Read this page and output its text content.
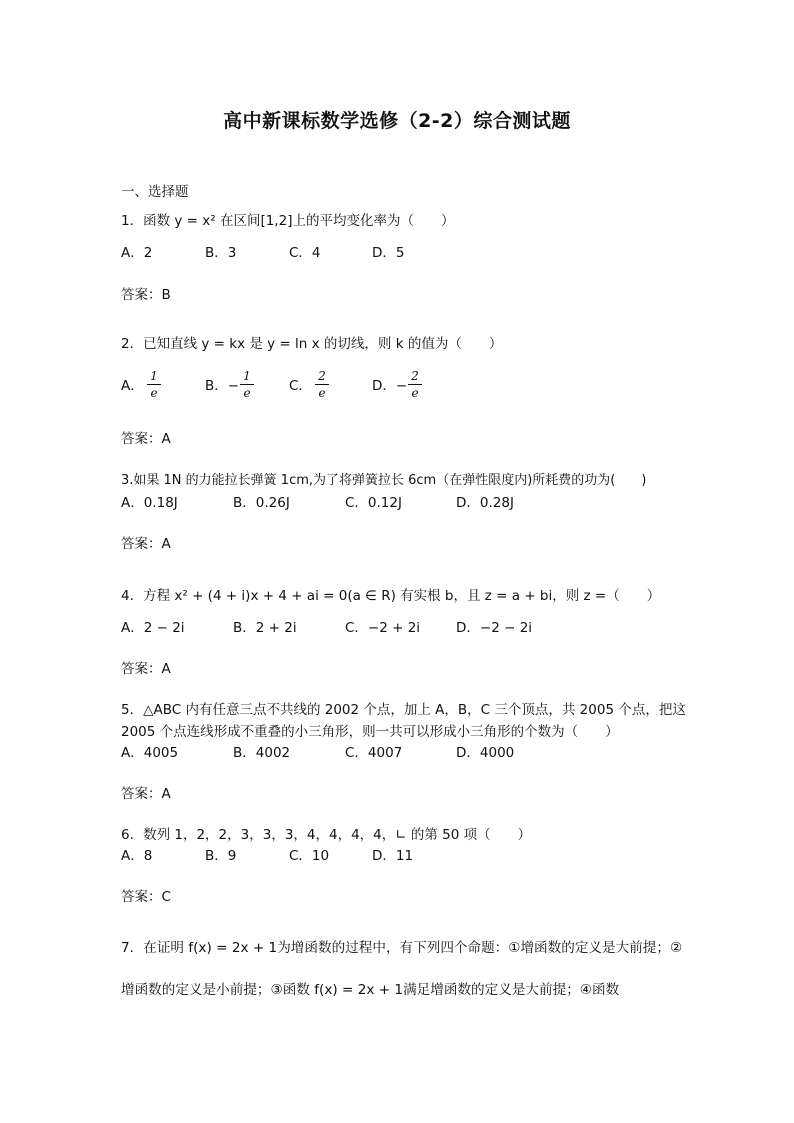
高中新课标数学选修（2-2）综合测试题
一、选择题
1．函数 y = x² 在区间[1,2]上的平均变化率为（　　）
A．2	B．3	C．4	D．5
答案：B
2．已知直线 y = kx 是 y = ln x 的切线，则 k 的值为（　　）
A．
1
e	B．−
1
e	C．
2
e	D．−
2
e
答案：A
3.如果 1N 的力能拉长弹簧 1cm,为了将弹簧拉长 6cm（在弹性限度内)所耗费的功为(　　)
A．0.18J	B．0.26J	C．0.12J	D．0.28J
答案：A
4．方程 x² + (4 + i)x + 4 + ai = 0(a ∈ R) 有实根 b，且 z = a + bi，则 z =（　　）
A．2 − 2i	B．2 + 2i	C．−2 + 2i	D．−2 − 2i
答案：A
5．△ABC 内有任意三点不共线的 2002 个点，加上 A，B，C 三个顶点，共 2005 个点，把这
2005 个点连线形成不重叠的小三角形，则一共可以形成小三角形的个数为（　　）
A．4005	B．4002	C．4007	D．4000
答案：A
6．数列 1，2，2，3，3，3，4，4，4，4，∟ 的第 50 项（　　）
A．8	B．9	C．10	D．11
答案：C
7．在证明 f(x) = 2x + 1为增函数的过程中，有下列四个命题：①增函数的定义是大前提；②
增函数的定义是小前提；③函数 f(x) = 2x + 1满足增函数的定义是大前提；④函数
